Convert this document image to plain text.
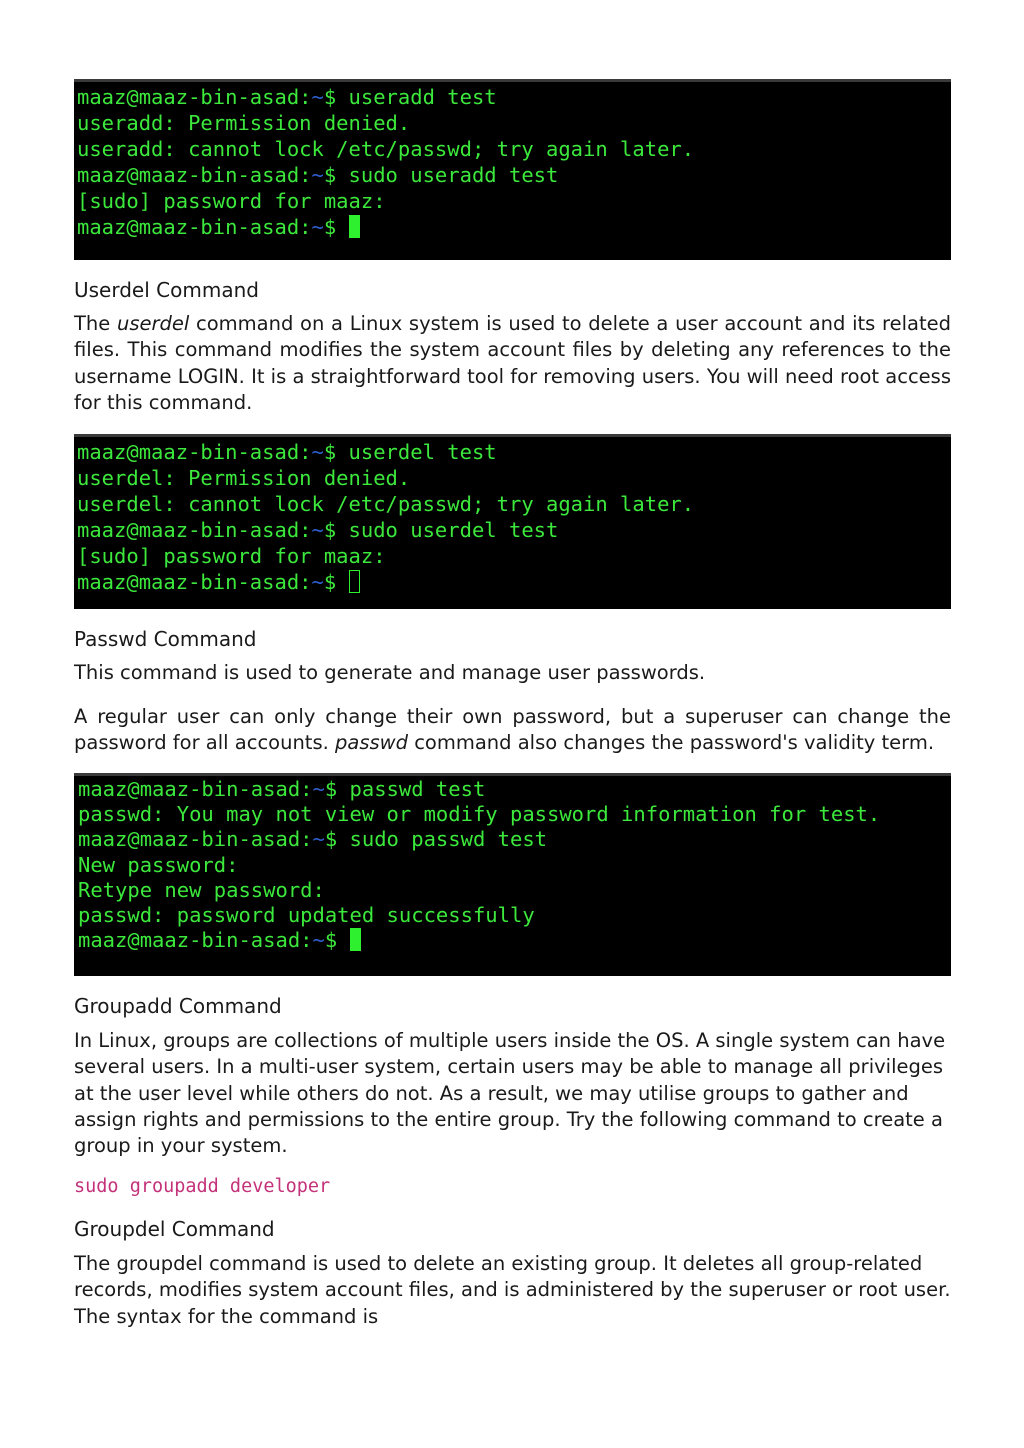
maaz@maaz-bin-asad:~$ useradd test
useradd: Permission denied.
useradd: cannot lock /etc/passwd; try again later.
maaz@maaz-bin-asad:~$ sudo useradd test
[sudo] password for maaz:
maaz@maaz-bin-asad:~$
Userdel Command
The userdel command on a Linux system is used to delete a user account and its related files. This command modifies the system account files by deleting any references to the username LOGIN. It is a straightforward tool for removing users. You will need root access for this command.
maaz@maaz-bin-asad:~$ userdel test
userdel: Permission denied.
userdel: cannot lock /etc/passwd; try again later.
maaz@maaz-bin-asad:~$ sudo userdel test
[sudo] password for maaz:
maaz@maaz-bin-asad:~$
Passwd Command
This command is used to generate and manage user passwords.
A regular user can only change their own password, but a superuser can change the password for all accounts. passwd command also changes the password's validity term.
maaz@maaz-bin-asad:~$ passwd test
passwd: You may not view or modify password information for test.
maaz@maaz-bin-asad:~$ sudo passwd test
New password:
Retype new password:
passwd: password updated successfully
maaz@maaz-bin-asad:~$
Groupadd Command
In Linux, groups are collections of multiple users inside the OS. A single system can have several users. In a multi-user system, certain users may be able to manage all privileges at the user level while others do not. As a result, we may utilise groups to gather and assign rights and permissions to the entire group. Try the following command to create a group in your system.
sudo groupadd developer
Groupdel Command
The groupdel command is used to delete an existing group. It deletes all group-related records, modifies system account files, and is administered by the superuser or root user. The syntax for the command is
